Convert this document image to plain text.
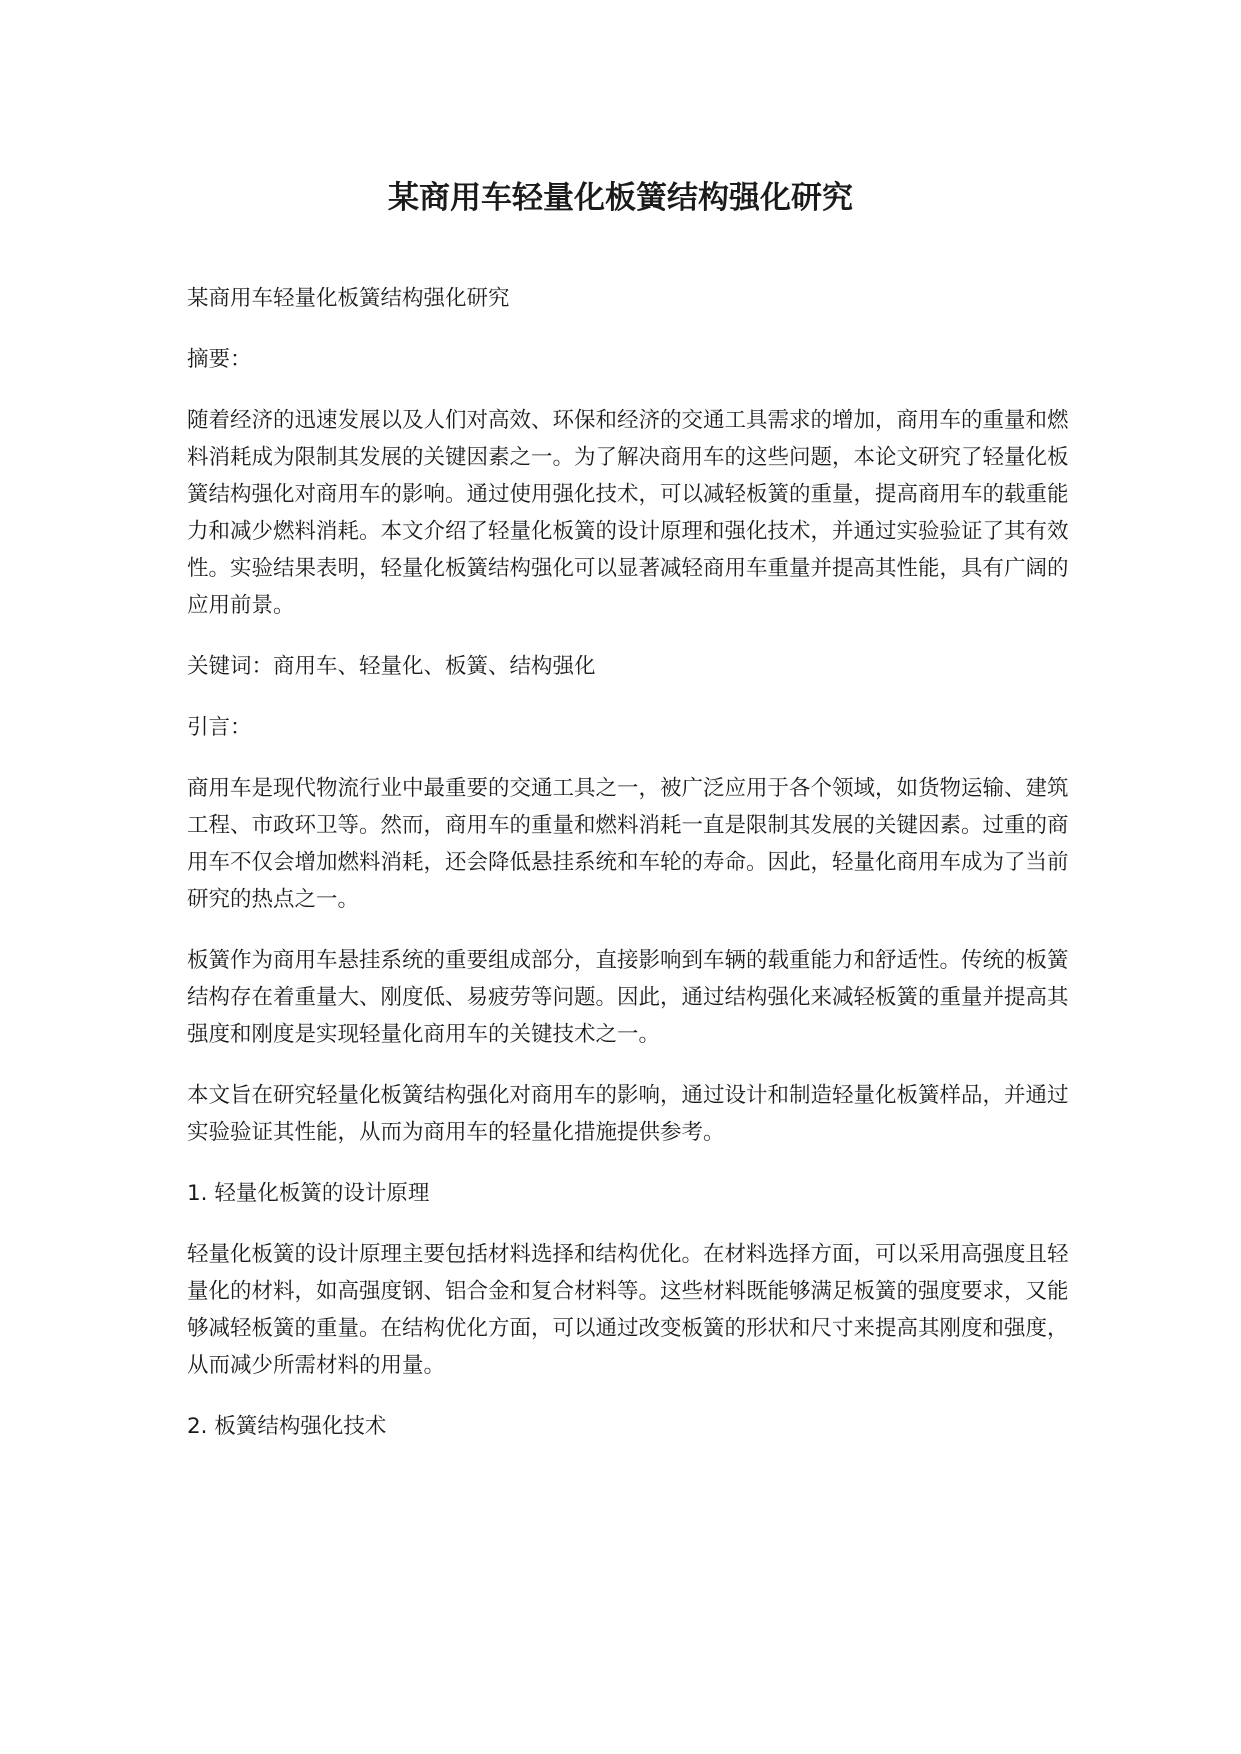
某商用车轻量化板簧结构强化研究

某商用车轻量化板簧结构强化研究

摘要：

随着经济的迅速发展以及人们对高效、环保和经济的交通工具需求的增加，商用车的重量和燃料消耗成为限制其发展的关键因素之一。为了解决商用车的这些问题，本论文研究了轻量化板簧结构强化对商用车的影响。通过使用强化技术，可以减轻板簧的重量，提高商用车的载重能力和减少燃料消耗。本文介绍了轻量化板簧的设计原理和强化技术，并通过实验验证了其有效性。实验结果表明，轻量化板簧结构强化可以显著减轻商用车重量并提高其性能，具有广阔的应用前景。

关键词：商用车、轻量化、板簧、结构强化

引言：

商用车是现代物流行业中最重要的交通工具之一，被广泛应用于各个领域，如货物运输、建筑工程、市政环卫等。然而，商用车的重量和燃料消耗一直是限制其发展的关键因素。过重的商用车不仅会增加燃料消耗，还会降低悬挂系统和车轮的寿命。因此，轻量化商用车成为了当前研究的热点之一。

板簧作为商用车悬挂系统的重要组成部分，直接影响到车辆的载重能力和舒适性。传统的板簧结构存在着重量大、刚度低、易疲劳等问题。因此，通过结构强化来减轻板簧的重量并提高其强度和刚度是实现轻量化商用车的关键技术之一。

本文旨在研究轻量化板簧结构强化对商用车的影响，通过设计和制造轻量化板簧样品，并通过实验验证其性能，从而为商用车的轻量化措施提供参考。

1. 轻量化板簧的设计原理

轻量化板簧的设计原理主要包括材料选择和结构优化。在材料选择方面，可以采用高强度且轻量化的材料，如高强度钢、铝合金和复合材料等。这些材料既能够满足板簧的强度要求，又能够减轻板簧的重量。在结构优化方面，可以通过改变板簧的形状和尺寸来提高其刚度和强度，从而减少所需材料的用量。

2. 板簧结构强化技术
